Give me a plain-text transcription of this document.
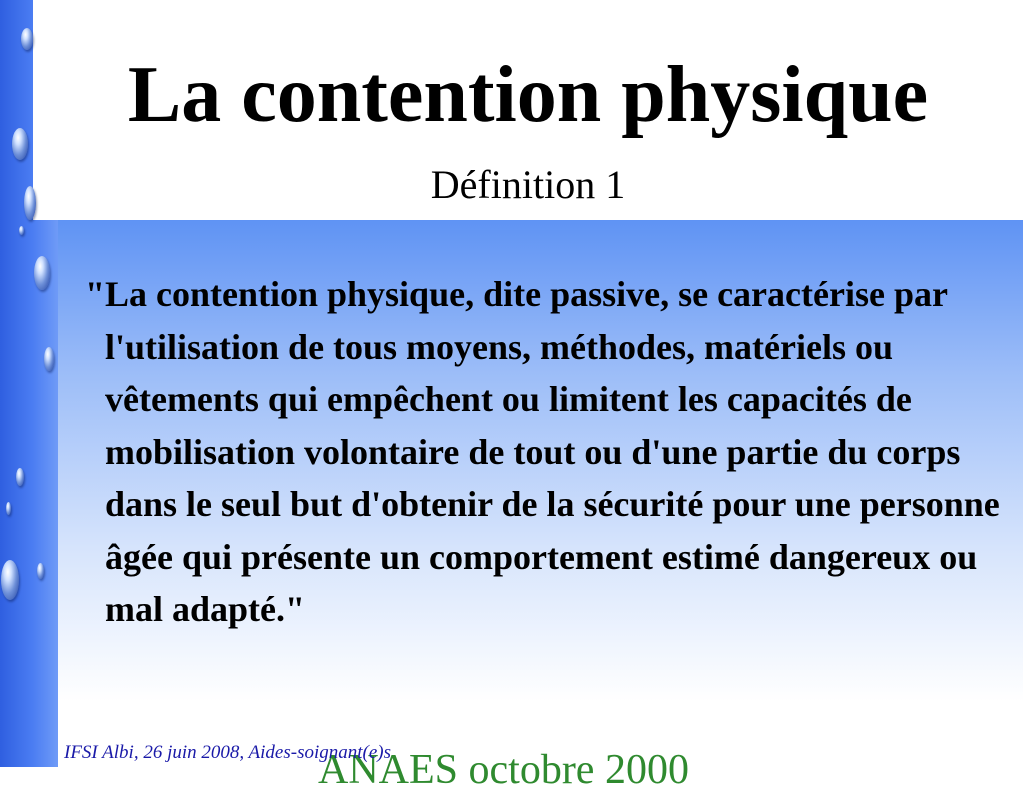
La contention physique
Définition 1

"La contention physique, dite passive, se caractérise par l'utilisation de tous moyens, méthodes, matériels ou vêtements qui empêchent ou limitent les capacités de mobilisation volontaire de tout ou d'une partie du corps dans le seul but d'obtenir de la sécurité pour une personne âgée qui présente un comportement estimé dangereux ou mal adapté."

ANAES octobre 2000
IFSI Albi, 26 juin 2008, Aides-soignant(e)s
